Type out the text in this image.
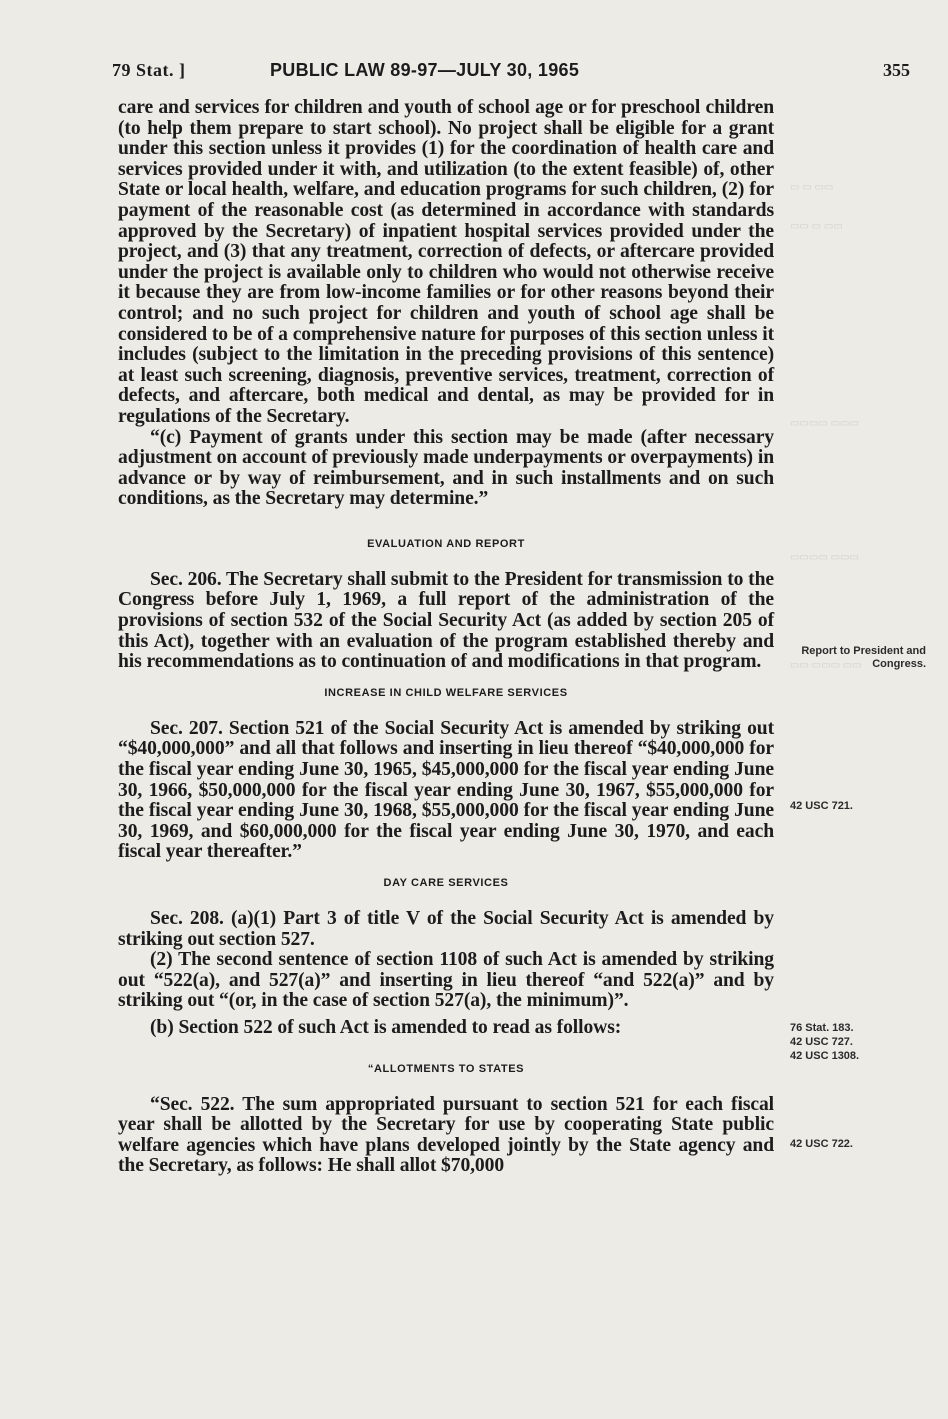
79 Stat. ]	PUBLIC LAW 89-97—JULY 30, 1965	355
▭ ▭ ▭▭
▭▭ ▭ ▭▭
▭▭▭▭ ▭▭▭
▭▭▭▭ ▭▭▭
▭▭ ▭▭▭ ▭▭

care and services for children and youth of school age or for preschool children (to help them prepare to start school). No project shall be eligible for a grant under this section unless it provides (1) for the coordination of health care and services provided under it with, and utilization (to the extent feasible) of, other State or local health, welfare, and education programs for such children, (2) for payment of the reasonable cost (as determined in accordance with standards approved by the Secretary) of inpatient hospital services provided under the project, and (3) that any treatment, correction of defects, or aftercare provided under the project is available only to children who would not otherwise receive it because they are from low-income families or for other reasons beyond their control; and no such project for children and youth of school age shall be considered to be of a comprehensive nature for purposes of this section unless it includes (subject to the limitation in the preceding provisions of this sentence) at least such screening, diagnosis, preventive services, treatment, correction of defects, and aftercare, both medical and dental, as may be provided for in regulations of the Secretary.

“(c) Payment of grants under this section may be made (after necessary adjustment on account of previously made underpayments or overpayments) in advance or by way of reimbursement, and in such installments and on such conditions, as the Secretary may determine.”

EVALUATION AND REPORT

Sec. 206. The Secretary shall submit to the President for transmission to the Congress before July 1, 1969, a full report of the administration of the provisions of section 532 of the Social Security Act (as added by section 205 of this Act), together with an evaluation of the program established thereby and his recommendations as to continuation of and modifications in that program.

INCREASE IN CHILD WELFARE SERVICES

Sec. 207. Section 521 of the Social Security Act is amended by striking out “$40,000,000” and all that follows and inserting in lieu thereof “$40,000,000 for the fiscal year ending June 30, 1965, $45,000,000 for the fiscal year ending June 30, 1966, $50,000,000 for the fiscal year ending June 30, 1967, $55,000,000 for the fiscal year ending June 30, 1968, $55,000,000 for the fiscal year ending June 30, 1969, and $60,000,000 for the fiscal year ending June 30, 1970, and each fiscal year thereafter.”

DAY CARE SERVICES

Sec. 208. (a)(1) Part 3 of title V of the Social Security Act is amended by striking out section 527.

(2) The second sentence of section 1108 of such Act is amended by striking out “522(a), and 527(a)” and inserting in lieu thereof “and 522(a)” and by striking out “(or, in the case of section 527(a), the minimum)”.

(b) Section 522 of such Act is amended to read as follows:

“ALLOTMENTS TO STATES

“Sec. 522. The sum appropriated pursuant to section 521 for each fiscal year shall be allotted by the Secretary for use by cooperating State public welfare agencies which have plans developed jointly by the State agency and the Secretary, as follows: He shall allot $70,000

Report to President and Congress.
42 USC 721.
76 Stat. 183.
42 USC 727.
42 USC 1308.
42 USC 722.
